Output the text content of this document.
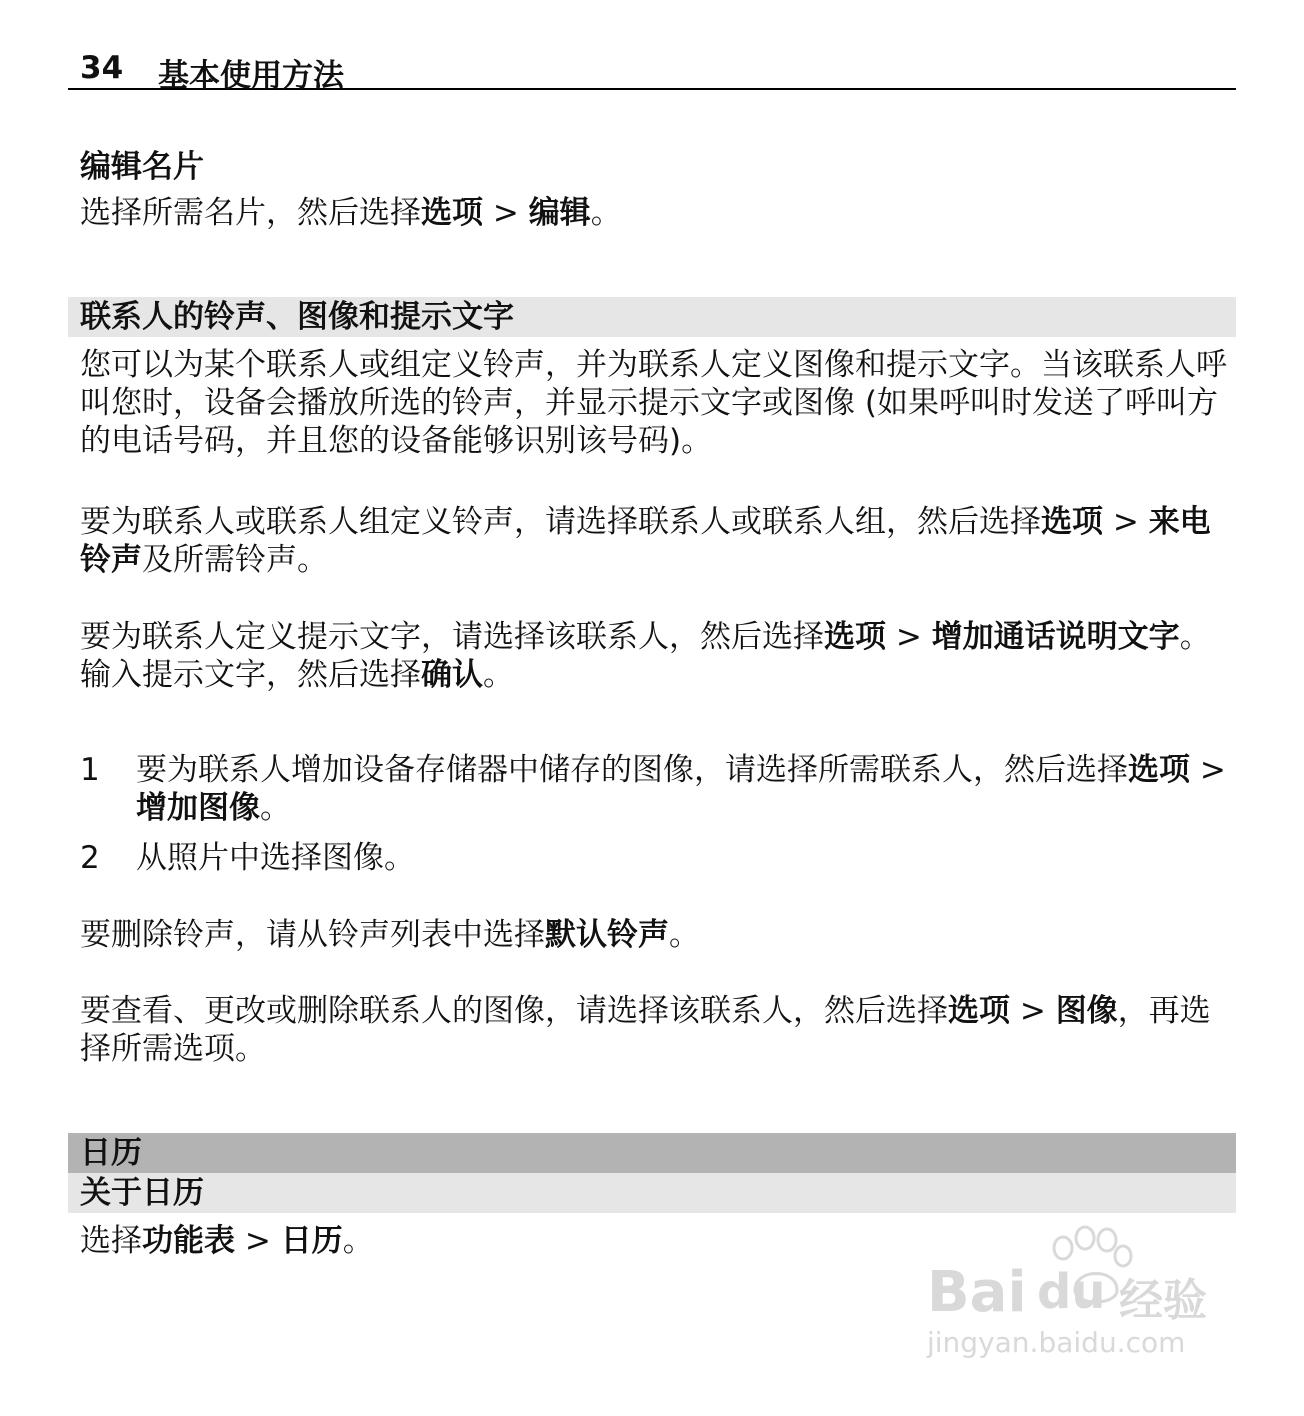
34 基本使用方法
编辑名片
选择所需名片，然后选择选项 > 编辑。
联系人的铃声、图像和提示文字
您可以为某个联系人或组定义铃声，并为联系人定义图像和提示文字。当该联系人呼叫您时，设备会播放所选的铃声，并显示提示文字或图像 (如果呼叫时发送了呼叫方的电话号码，并且您的设备能够识别该号码)。
要为联系人或联系人组定义铃声，请选择联系人或联系人组，然后选择选项 > 来电铃声及所需铃声。
要为联系人定义提示文字，请选择该联系人，然后选择选项 > 增加通话说明文字。输入提示文字，然后选择确认。
1	要为联系人增加设备存储器中储存的图像，请选择所需联系人，然后选择选项 > 增加图像。
2	从照片中选择图像。
要删除铃声，请从铃声列表中选择默认铃声。
要查看、更改或删除联系人的图像，请选择该联系人，然后选择选项 > 图像，再选择所需选项。
日历
关于日历
选择功能表 > 日历。
Bai du 经验
jingyan.baidu.com
